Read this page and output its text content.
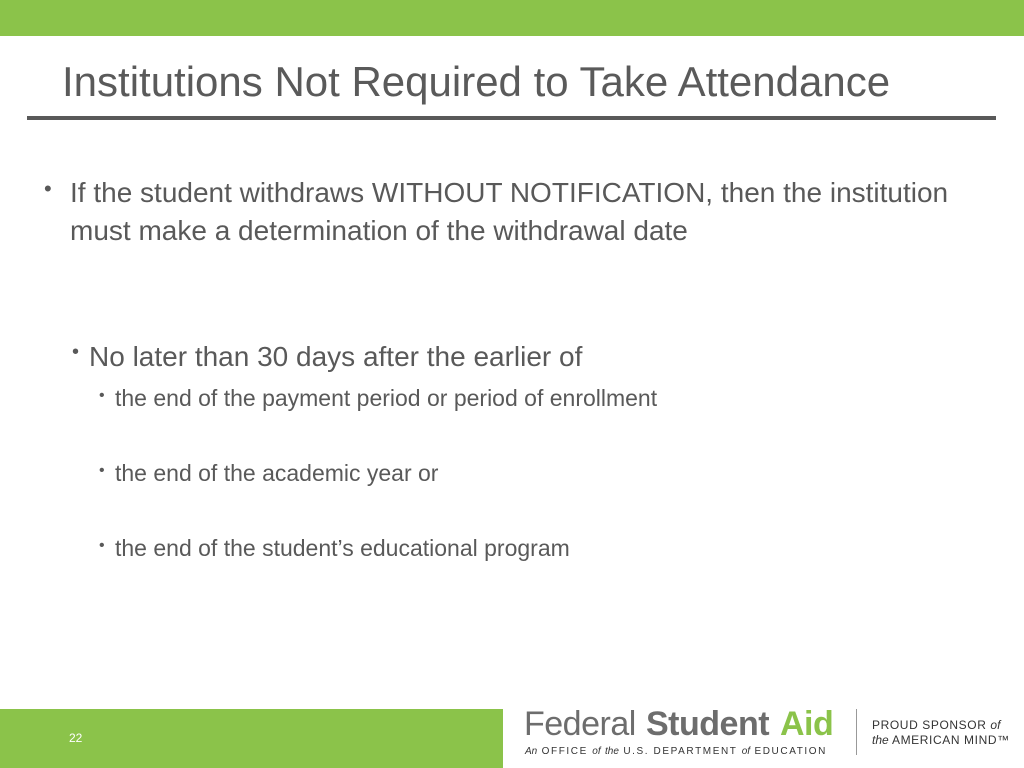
Institutions Not Required to Take Attendance
• If the student withdraws WITHOUT NOTIFICATION, then the institution must make a determination of the withdrawal date

• No later than 30 days after the earlier of

• the end of the payment period or period of enrollment

• the end of the academic year or

• the end of the student’s educational program

22	Federal Student Aid
An OFFICE of the U.S. DEPARTMENT of EDUCATION
PROUD SPONSOR of
the AMERICAN MIND™
